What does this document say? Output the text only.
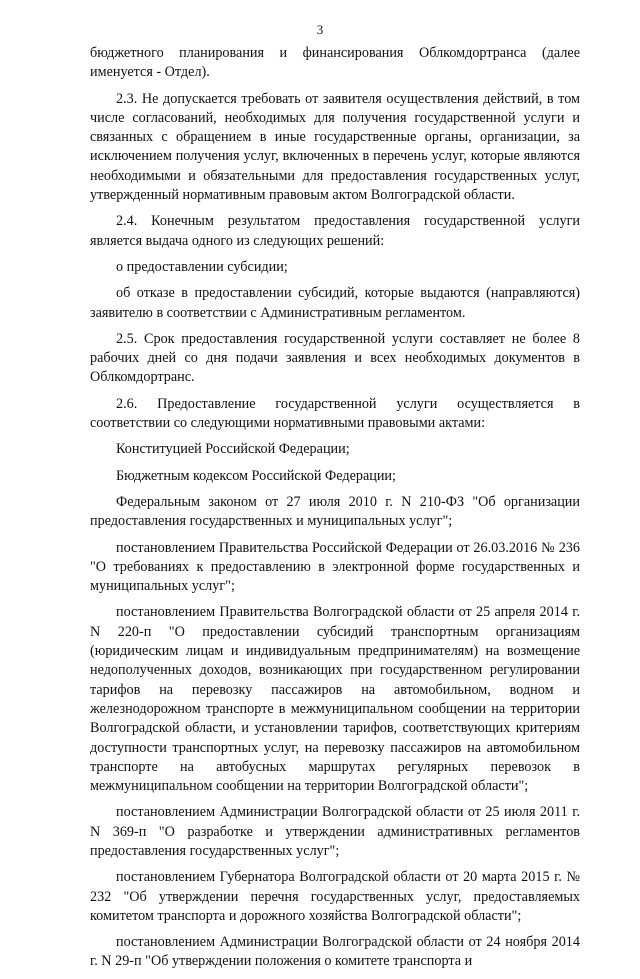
3

бюджетного планирования и финансирования Облкомдортранса (далее именуется - Отдел).

2.3. Не допускается требовать от заявителя осуществления действий, в том числе согласований, необходимых для получения государственной услуги и связанных с обращением в иные государственные органы, организации, за исключением получения услуг, включенных в перечень услуг, которые являются необходимыми и обязательными для предоставления государственных услуг, утвержденный нормативным правовым актом Волгоградской области.

2.4. Конечным результатом предоставления государственной услуги является выдача одного из следующих решений:

о предоставлении субсидии;

об отказе в предоставлении субсидий, которые выдаются (направляются) заявителю в соответствии с Административным регламентом.

2.5. Срок предоставления государственной услуги составляет не более 8 рабочих дней со дня подачи заявления и всех необходимых документов в Облкомдортранс.

2.6. Предоставление государственной услуги осуществляется в соответствии со следующими нормативными правовыми актами:

Конституцией Российской Федерации;

Бюджетным кодексом Российской Федерации;

Федеральным законом от 27 июля 2010 г. N 210-ФЗ "Об организации предоставления государственных и муниципальных услуг";

постановлением Правительства Российской Федерации от 26.03.2016 № 236 "О требованиях к предоставлению в электронной форме государственных и муниципальных услуг";

постановлением Правительства Волгоградской области от 25 апреля 2014 г. N 220-п "О предоставлении субсидий транспортным организациям (юридическим лицам и индивидуальным предпринимателям) на возмещение недополученных доходов, возникающих при государственном регулировании тарифов на перевозку пассажиров на автомобильном, водном и железнодорожном транспорте в межмуниципальном сообщении на территории Волгоградской области, и установлении тарифов, соответствующих критериям доступности транспортных услуг, на перевозку пассажиров на автомобильном транспорте на автобусных маршрутах регулярных перевозок в межмуниципальном сообщении на территории Волгоградской области";

постановлением Администрации Волгоградской области от 25 июля 2011 г. N 369-п "О разработке и утверждении административных регламентов предоставления государственных услуг";

постановлением Губернатора Волгоградской области от 20 марта 2015 г. № 232 "Об утверждении перечня государственных услуг, предоставляемых комитетом транспорта и дорожного хозяйства Волгоградской области";

постановлением Администрации Волгоградской области от 24 ноября 2014 г. N 29-п "Об утверждении положения о комитете транспорта и
